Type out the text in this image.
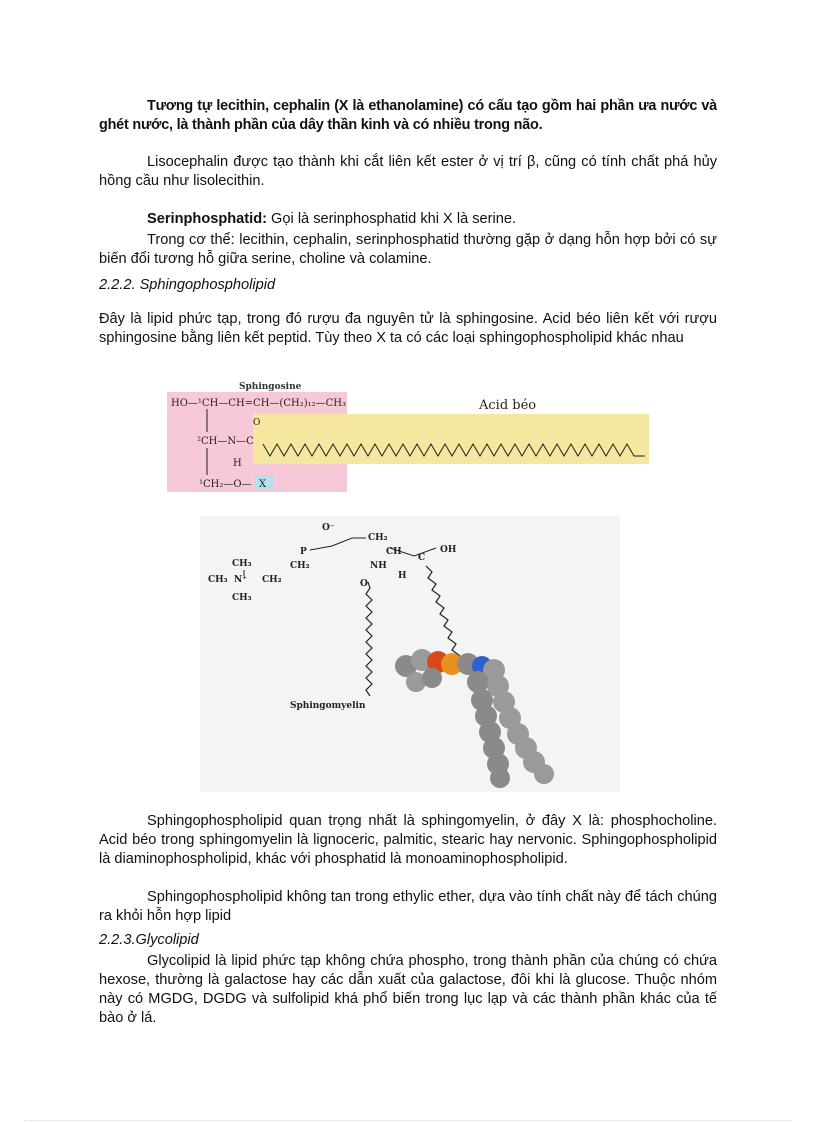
Tương tự lecithin, cephalin (X là ethanolamine) có cấu tạo gồm hai phần ưa nước và ghét nước, là thành phần của dây thần kinh và có nhiều trong não.

Lisocephalin được tạo thành khi cắt liên kết ester ở vị trí β, cũng có tính chất phá hủy hồng cầu như lisolecithin.

Serinphosphatid: Gọi là serinphosphatid khi X là serine.

Trong cơ thể: lecithin, cephalin, serinphosphatid thường gặp ở dạng hỗn hợp bởi có sự biến đổi tương hỗ giữa serine, choline và colamine.

2.2.2. Sphingophospholipid

Đây là lipid phức tạp, trong đó rượu đa nguyên tử là sphingosine. Acid béo liên kết với rượu sphingosine bằng liên kết peptid. Tùy theo X ta có các loại sphingophospholipid khác nhau

Sphingosine
Acid béo
HO—¹CH—CH=CH—(CH₂)₁₂—CH₃
O
²CH—N—C
H
¹CH₂—O— X
O⁻
P
CH₂
CH
NH
OH
H
C
CH₃
CH₃ N⁺
CH₃
CH₂
CH₂
O
Sphingomyelin

Sphingophospholipid quan trọng nhất là sphingomyelin, ở đây X là: phosphocholine. Acid béo trong sphingomyelin là lignoceric, palmitic, stearic hay nervonic. Sphingophospholipid là diaminophospholipid, khác với phosphatid là monoaminophospholipid.

Sphingophospholipid không tan trong ethylic ether, dựa vào tính chất này để tách chúng ra khỏi hỗn hợp lipid

2.2.3.Glycolipid

Glycolipid là lipid phức tạp không chứa phospho, trong thành phần của chúng có chứa hexose, thường là galactose hay các dẫn xuất của galactose, đôi khi là glucose. Thuộc nhóm này có MGDG, DGDG và sulfolipid khá phổ biến trong lục lạp và các thành phần khác của tế bào ở lá.
